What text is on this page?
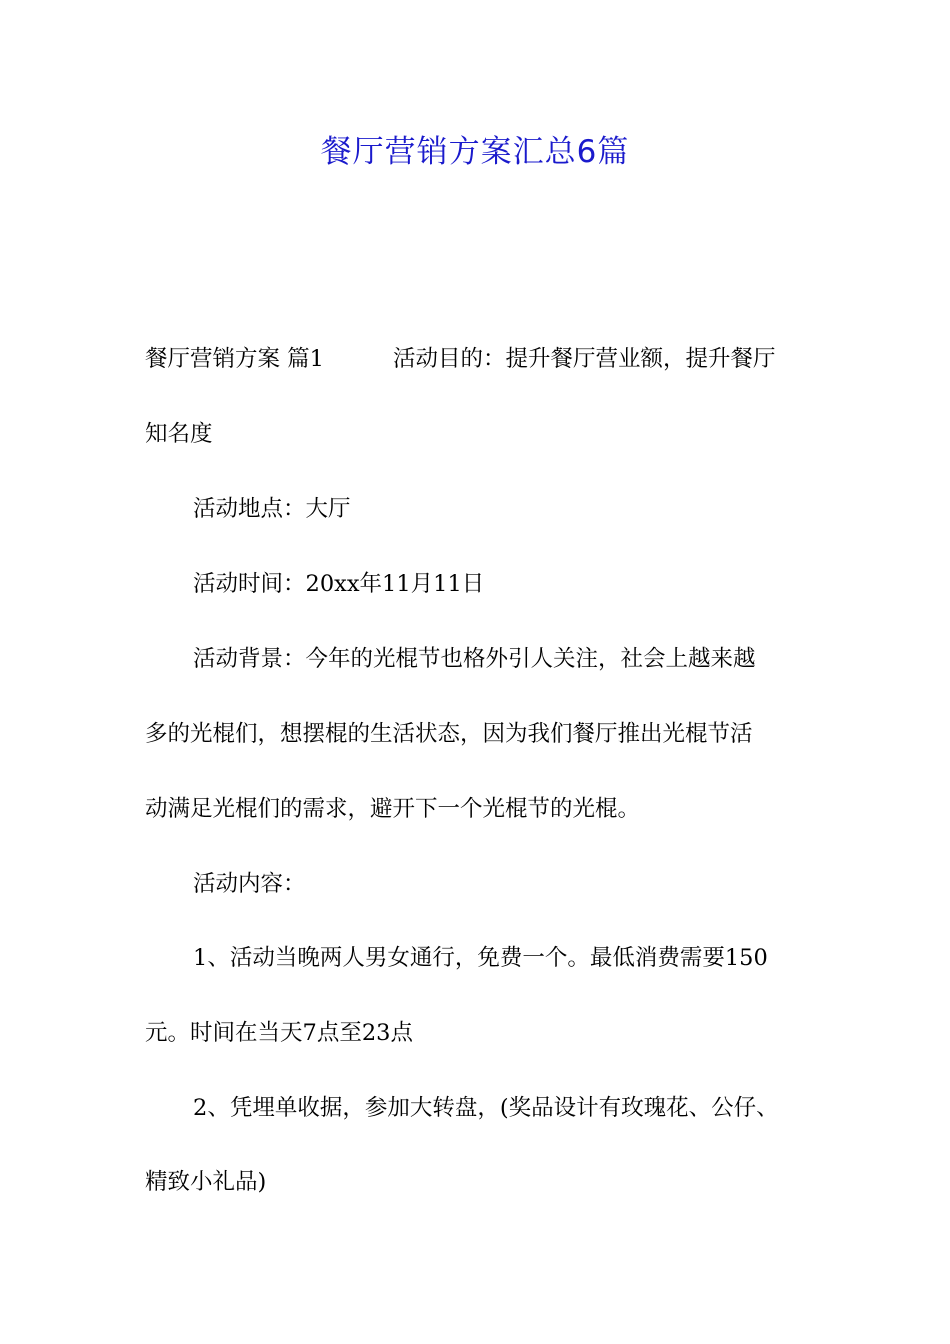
餐厅营销方案汇总6篇
餐厅营销方案 篇1	活动目的：提升餐厅营业额，提升餐厅
知名度
活动地点：大厅
活动时间：20xx年11月11日
活动背景：今年的光棍节也格外引人关注，社会上越来越
多的光棍们，想摆棍的生活状态，因为我们餐厅推出光棍节活
动满足光棍们的需求，避开下一个光棍节的光棍。
活动内容：
1、活动当晚两人男女通行，免费一个。最低消费需要150
元。时间在当天7点至23点
2、凭埋单收据，参加大转盘，(奖品设计有玫瑰花、公仔、
精致小礼品)
